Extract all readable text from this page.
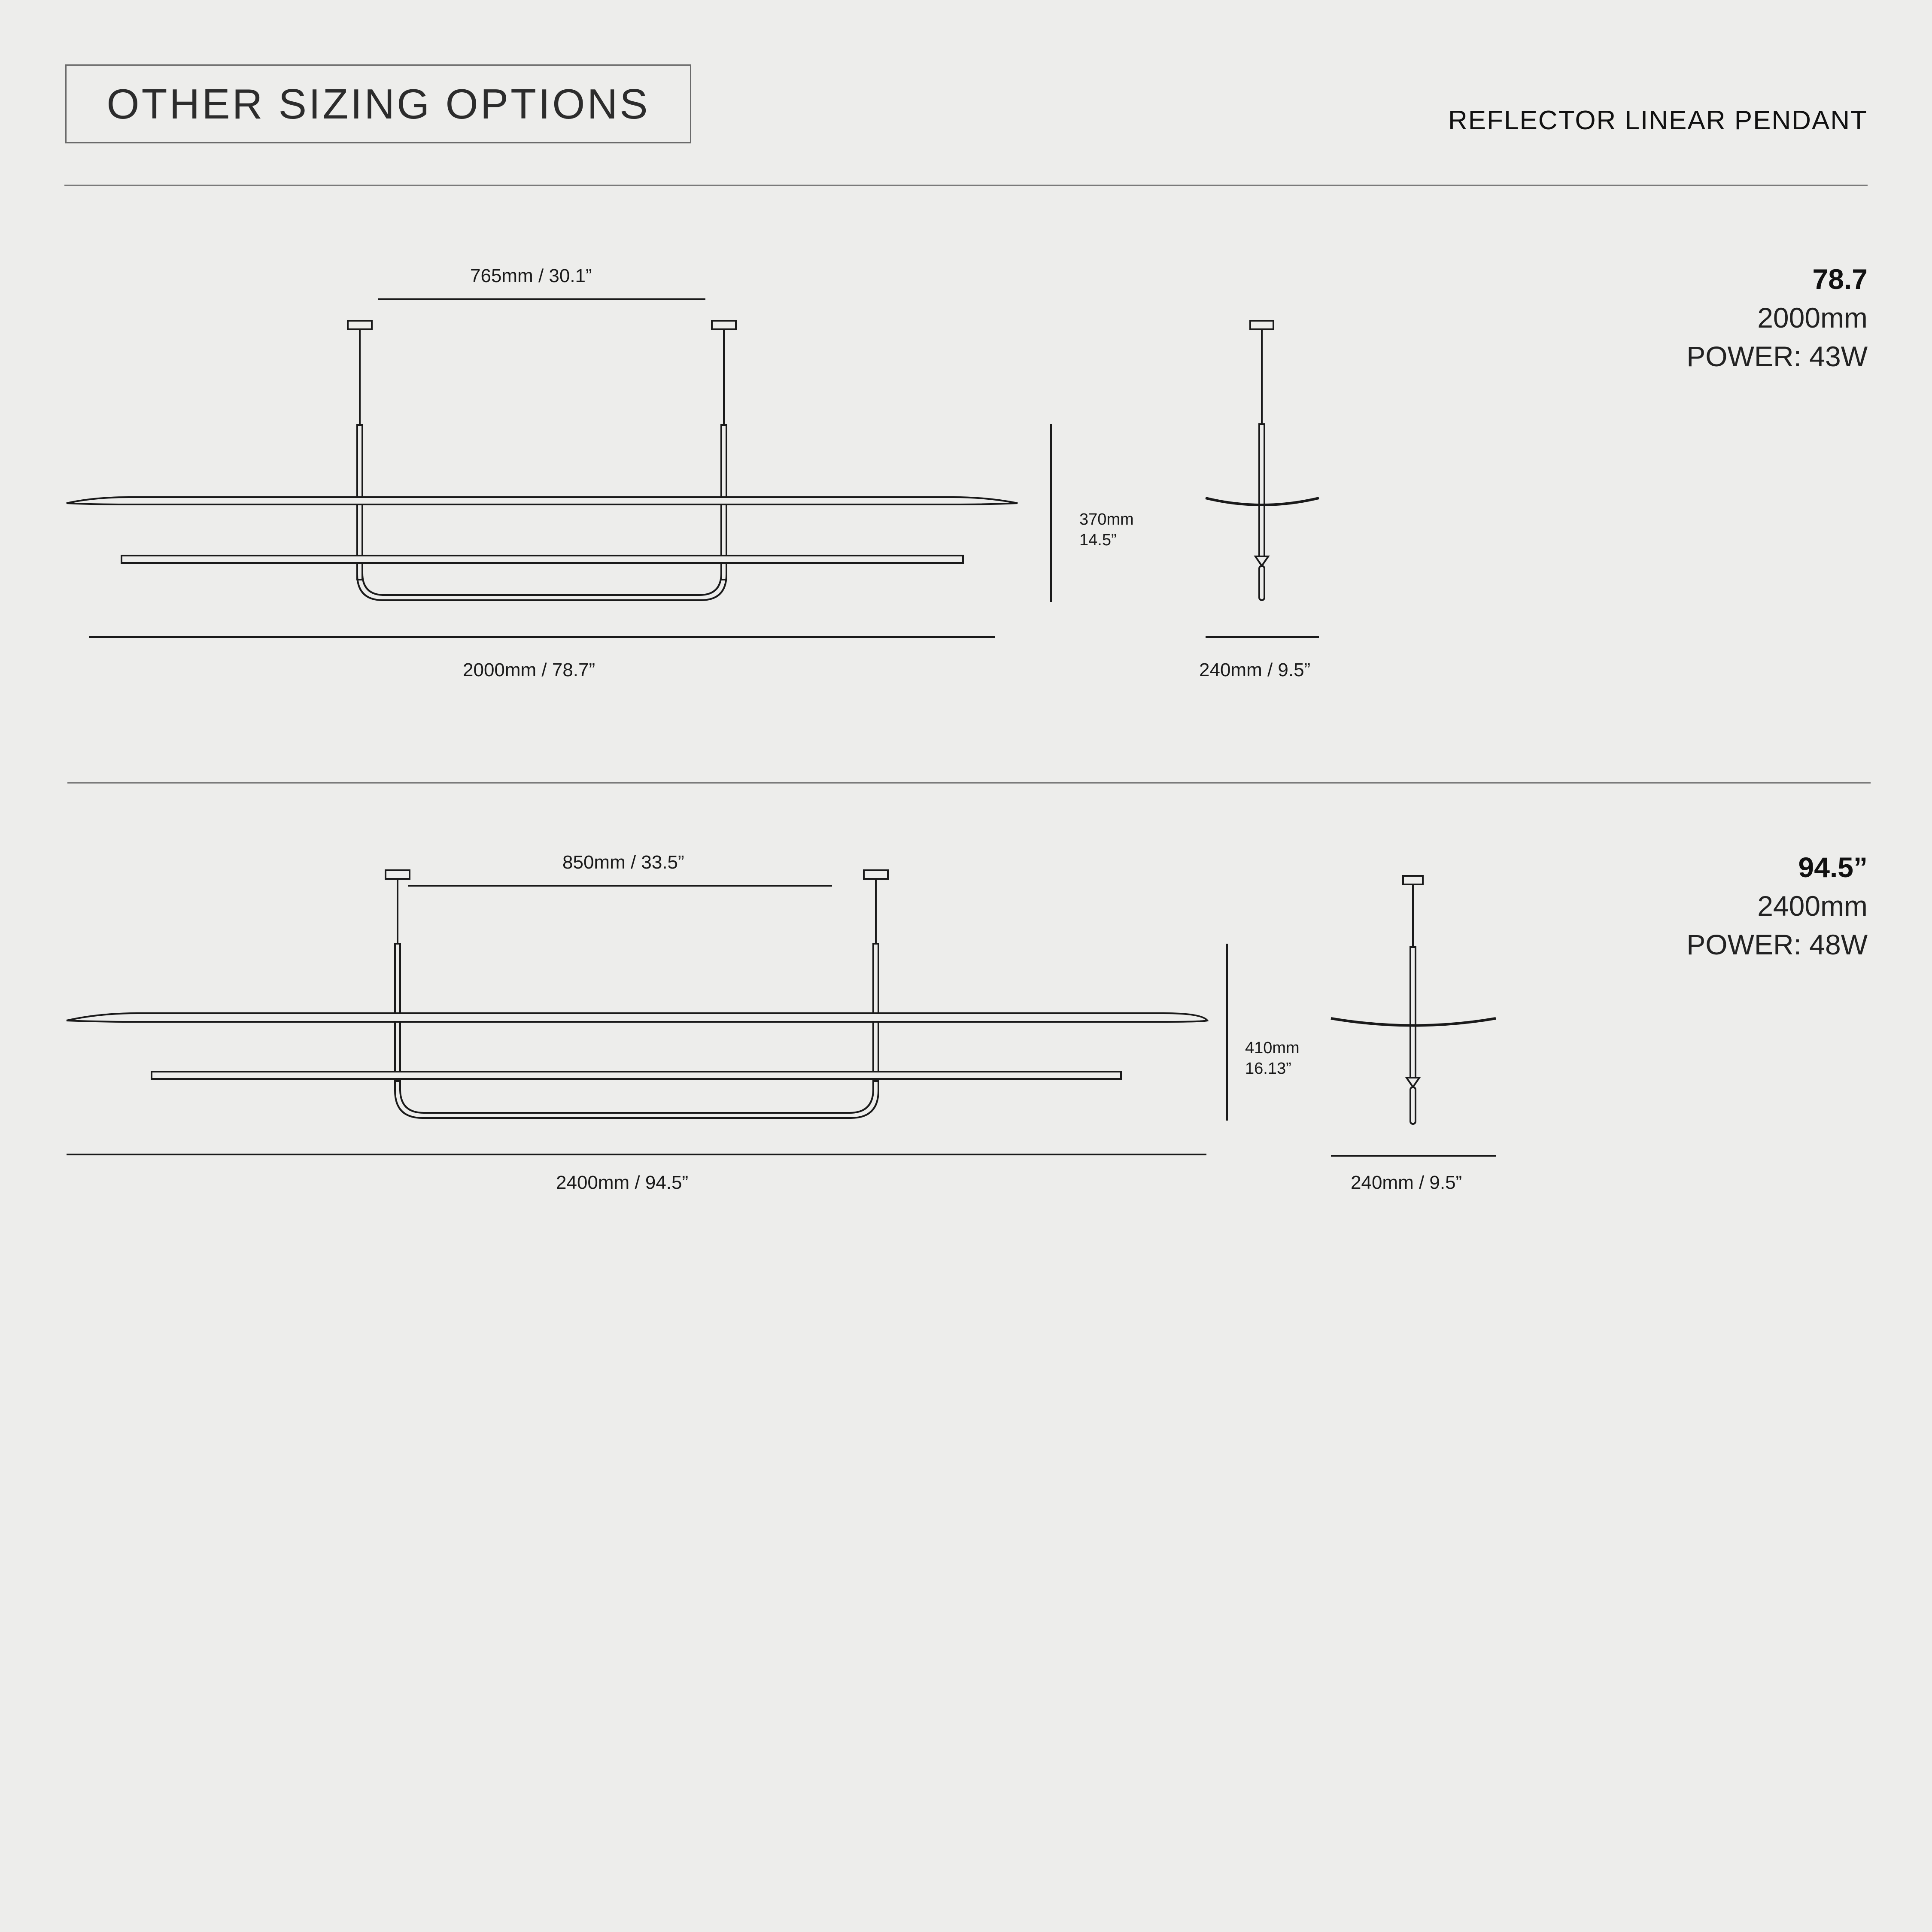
OTHER SIZING OPTIONS	REFLECTOR LINEAR PENDANT
765mm / 30.1”
2000mm / 78.7”
370mm
14.5”
240mm / 9.5”
78.7
2000mm
POWER: 43W
850mm / 33.5”
2400mm / 94.5”
410mm
16.13”
240mm / 9.5”
94.5”
2400mm
POWER: 48W
